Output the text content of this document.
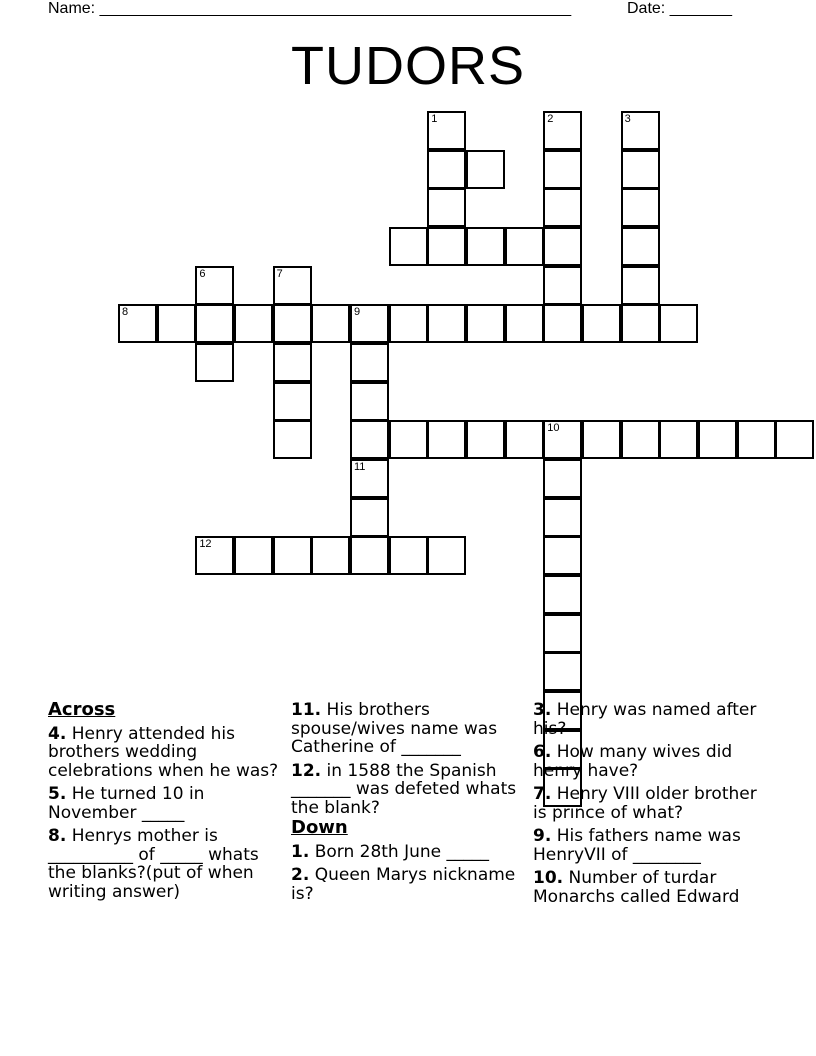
Name: _____________________________________________________	Date: _______
TUDORS
8	9
10
12
1	2	3
6	7
11
Across
4. Henry attended his brothers wedding celebrations when he was?
5. He turned 10 in November _____
8. Henrys mother is __________ of _____ whats the blanks?(put of when writing answer)
11. His brothers spouse/wives name was Catherine of _______
12. in 1588 the Spanish _______ was defeted whats the blank?
Down
1. Born 28th June _____
2. Queen Marys nickname is?
3. Henry was named after his?
6. How many wives did henry have?
7. Henry VIII older brother is prince of what?
9. His fathers name was HenryVII of ________
10. Number of turdar Monarchs called Edward
